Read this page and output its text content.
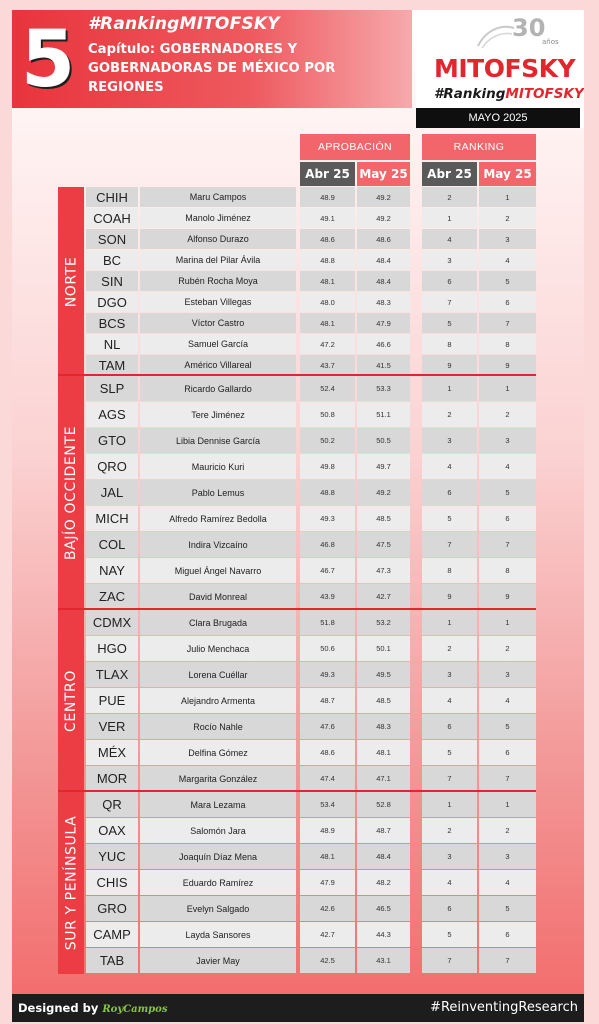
5 #RankingMITOFSKY
Capítulo: GOBERNADORES Y GOBERNADORAS DE MÉXICO POR REGIONES
30
años
MITOFSKY
#RankingMITOFSKY
MAYO 2025
APROBACIÓN	RANKING
Abr 25 May 25	Abr 25 May 25
NORTE
CHIH	Maru Campos	48.9	49.2	2	1
COAH	Manolo Jiménez	49.1	49.2	1	2
SON	Alfonso Durazo	48.6	48.6	4	3
BC	Marina del Pilar Ávila	48.8	48.4	3	4
SIN	Rubén Rocha Moya	48.1	48.4	6	5
DGO	Esteban Villegas	48.0	48.3	7	6
BCS	Víctor Castro	48.1	47.9	5	7
NL	Samuel García	47.2	46.6	8	8
TAM	Américo Villareal	43.7	41.5	9	9
BAJÍO OCCIDENTE
SLP	Ricardo Gallardo	52.4	53.3	1	1
AGS	Tere Jiménez	50.8	51.1	2	2
GTO	Libia Dennise García	50.2	50.5	3	3
QRO	Mauricio Kuri	49.8	49.7	4	4
JAL	Pablo Lemus	48.8	49.2	6	5
MICH	Alfredo Ramírez Bedolla	49.3	48.5	5	6
COL	Indira Vizcaíno	46.8	47.5	7	7
NAY	Miguel Ángel Navarro	46.7	47.3	8	8
ZAC	David Monreal	43.9	42.7	9	9
CENTRO
CDMX	Clara Brugada	51.8	53.2	1	1
HGO	Julio Menchaca	50.6	50.1	2	2
TLAX	Lorena Cuéllar	49.3	49.5	3	3
PUE	Alejandro Armenta	48.7	48.5	4	4
VER	Rocío Nahle	47.6	48.3	6	5
MÉX	Delfina Gómez	48.6	48.1	5	6
MOR	Margarita González	47.4	47.1	7	7
SUR Y PENÍNSULA
QR	Mara Lezama	53.4	52.8	1	1
OAX	Salomón Jara	48.9	48.7	2	2
YUC	Joaquín Díaz Mena	48.1	48.4	3	3
CHIS	Eduardo Ramírez	47.9	48.2	4	4
GRO	Evelyn Salgado	42.6	46.5	6	5
CAMP	Layda Sansores	42.7	44.3	5	6
TAB	Javier May	42.5	43.1	7	7
Designed by RoyCampos	#ReinventingResearch
